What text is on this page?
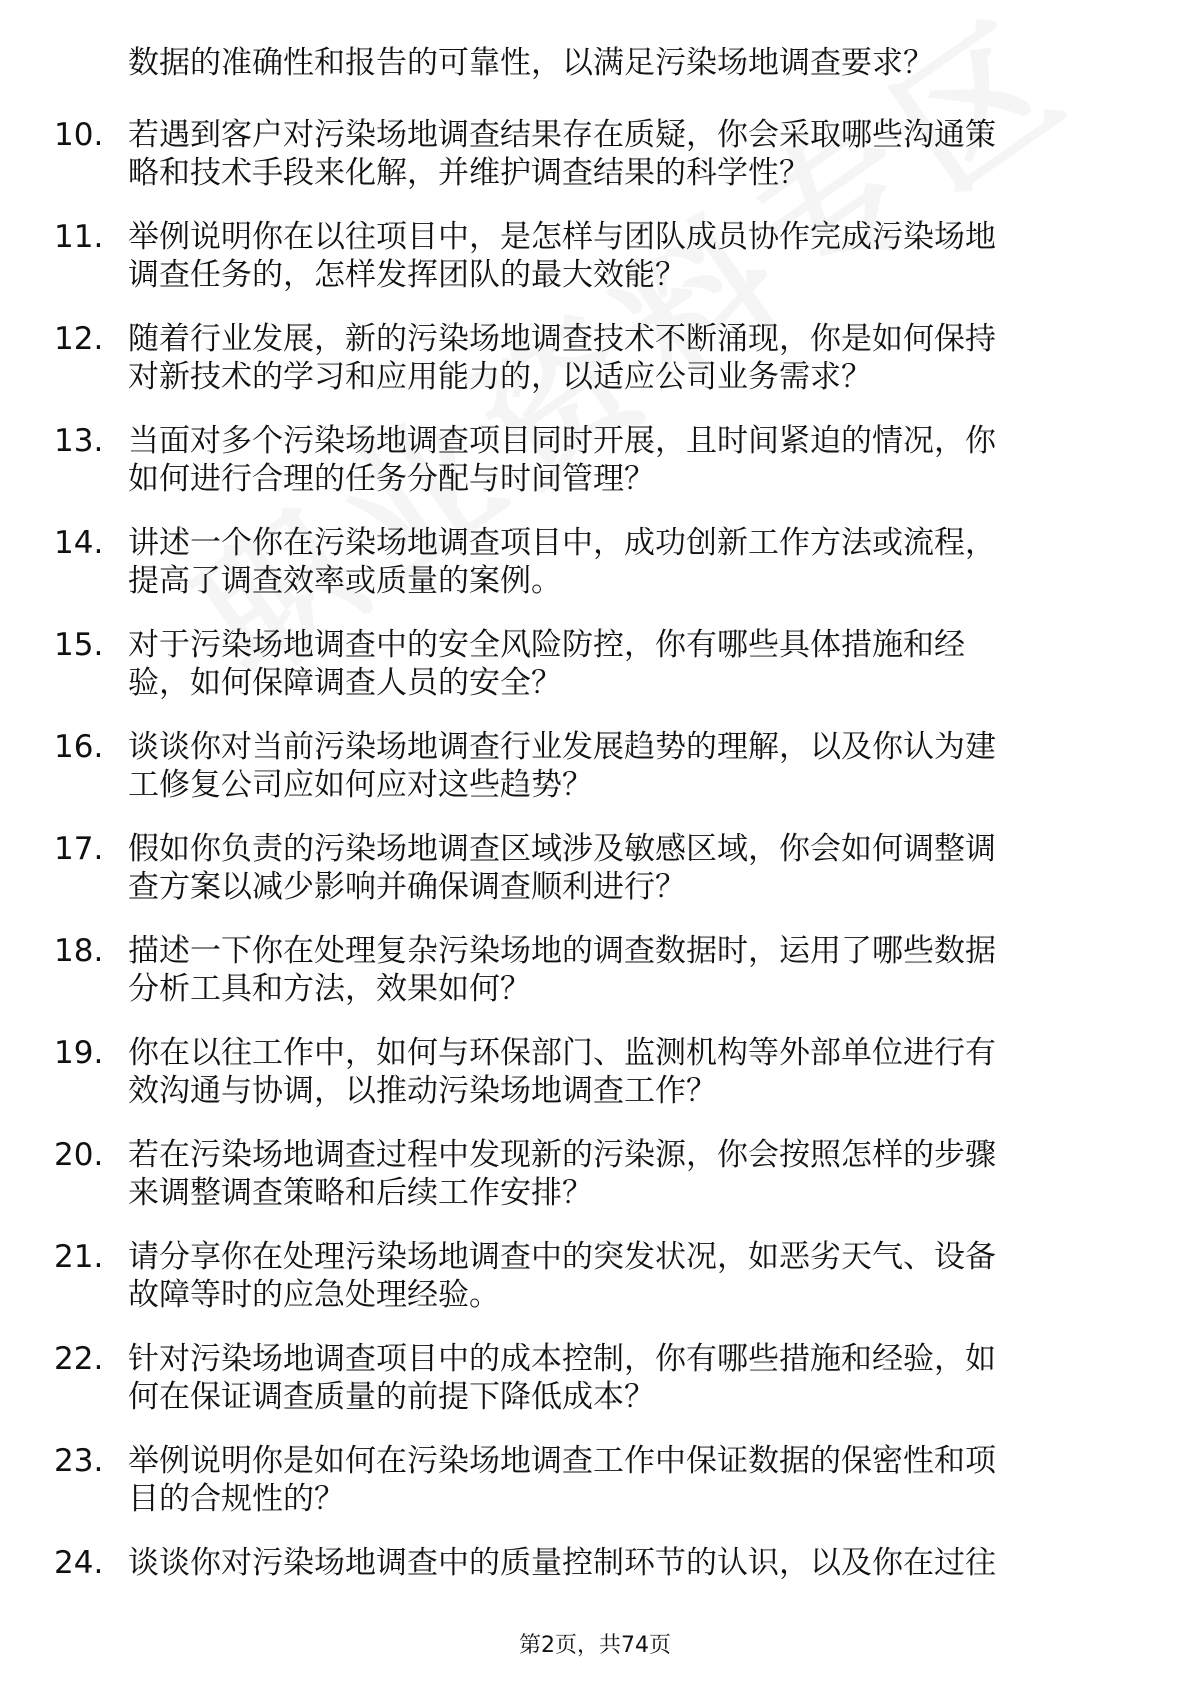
数据的准确性和报告的可靠性，以满足污染场地调查要求？
10. 若遇到客户对污染场地调查结果存在质疑，你会采取哪些沟通策
略和技术手段来化解，并维护调查结果的科学性？
11. 举例说明你在以往项目中，是怎样与团队成员协作完成污染场地
调查任务的，怎样发挥团队的最大效能？
12. 随着行业发展，新的污染场地调查技术不断涌现，你是如何保持
对新技术的学习和应用能力的，以适应公司业务需求？
13. 当面对多个污染场地调查项目同时开展，且时间紧迫的情况，你
如何进行合理的任务分配与时间管理？
14. 讲述一个你在污染场地调查项目中，成功创新工作方法或流程，
提高了调查效率或质量的案例。
15. 对于污染场地调查中的安全风险防控，你有哪些具体措施和经
验，如何保障调查人员的安全？
16. 谈谈你对当前污染场地调查行业发展趋势的理解，以及你认为建
工修复公司应如何应对这些趋势？
17. 假如你负责的污染场地调查区域涉及敏感区域，你会如何调整调
查方案以减少影响并确保调查顺利进行？
18. 描述一下你在处理复杂污染场地的调查数据时，运用了哪些数据
分析工具和方法，效果如何？
19. 你在以往工作中，如何与环保部门、监测机构等外部单位进行有
效沟通与协调，以推动污染场地调查工作？
20. 若在污染场地调查过程中发现新的污染源，你会按照怎样的步骤
来调整调查策略和后续工作安排？
21. 请分享你在处理污染场地调查中的突发状况，如恶劣天气、设备
故障等时的应急处理经验。
22. 针对污染场地调查项目中的成本控制，你有哪些措施和经验，如
何在保证调查质量的前提下降低成本？
23. 举例说明你是如何在污染场地调查工作中保证数据的保密性和项
目的合规性的？
24. 谈谈你对污染场地调查中的质量控制环节的认识，以及你在过往
第2页，共74页
